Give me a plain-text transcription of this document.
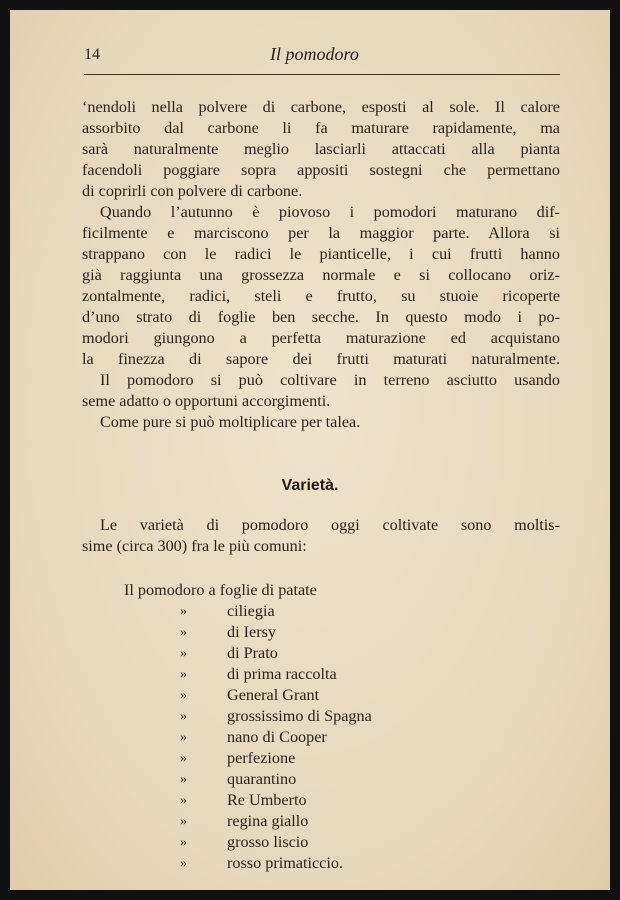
14	Il pomodoro
‘nendoli nella polvere di carbone, esposti al sole. Il calore
assorbito dal carbone li fa maturare rapidamente, ma
sarà naturalmente meglio lasciarli attaccati alla pianta
facendoli poggiare sopra appositi sostegni che permettano
di coprirli con polvere di carbone.
Quando l’autunno è piovoso i pomodori maturano dif-
ficilmente e marciscono per la maggior parte. Allora si
strappano con le radici le pianticelle, i cui frutti hanno
già raggiunta una grossezza normale e si collocano oriz-
zontalmente, radici, steli e frutto, su stuoie ricoperte
d’uno strato di foglie ben secche. In questo modo i po-
modori giungono a perfetta maturazione ed acquistano
la finezza di sapore dei frutti maturati naturalmente.
Il pomodoro si può coltivare in terreno asciutto usando
seme adatto o opportuni accorgimenti.
Come pure si può moltiplicare per talea.
Varietà.
Le varietà di pomodoro oggi coltivate sono moltis-
sime (circa 300) fra le più comuni:
Il pomodoro a foglie di patate
» ciliegia
» di Iersy
» di Prato
» di prima raccolta
» General Grant
» grossissimo di Spagna
» nano di Cooper
» perfezione
» quarantino
» Re Umberto
» regina giallo
» grosso liscio
» rosso primaticcio.
